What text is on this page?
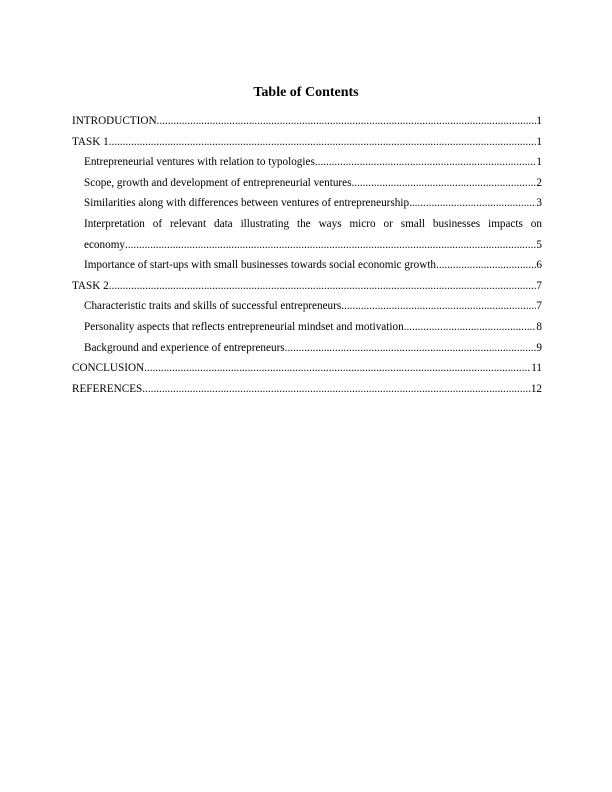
Table of Contents
INTRODUCTION .....	1
TASK 1 .....	1
Entrepreneurial ventures with relation to typologies .....	1
Scope, growth and development of entrepreneurial ventures .....	2
Similarities along with differences between ventures of entrepreneurship .....	3
Interpretation of relevant data illustrating the ways micro or small businesses impacts on
economy .....	5
Importance of start-ups with small businesses towards social economic growth .....	6
TASK 2 .....	7
Characteristic traits and skills of successful entrepreneurs .....	7
Personality aspects that reflects entrepreneurial mindset and motivation .....	8
Background and experience of entrepreneurs .....	9
CONCLUSION .....	11
REFERENCES .....	12
